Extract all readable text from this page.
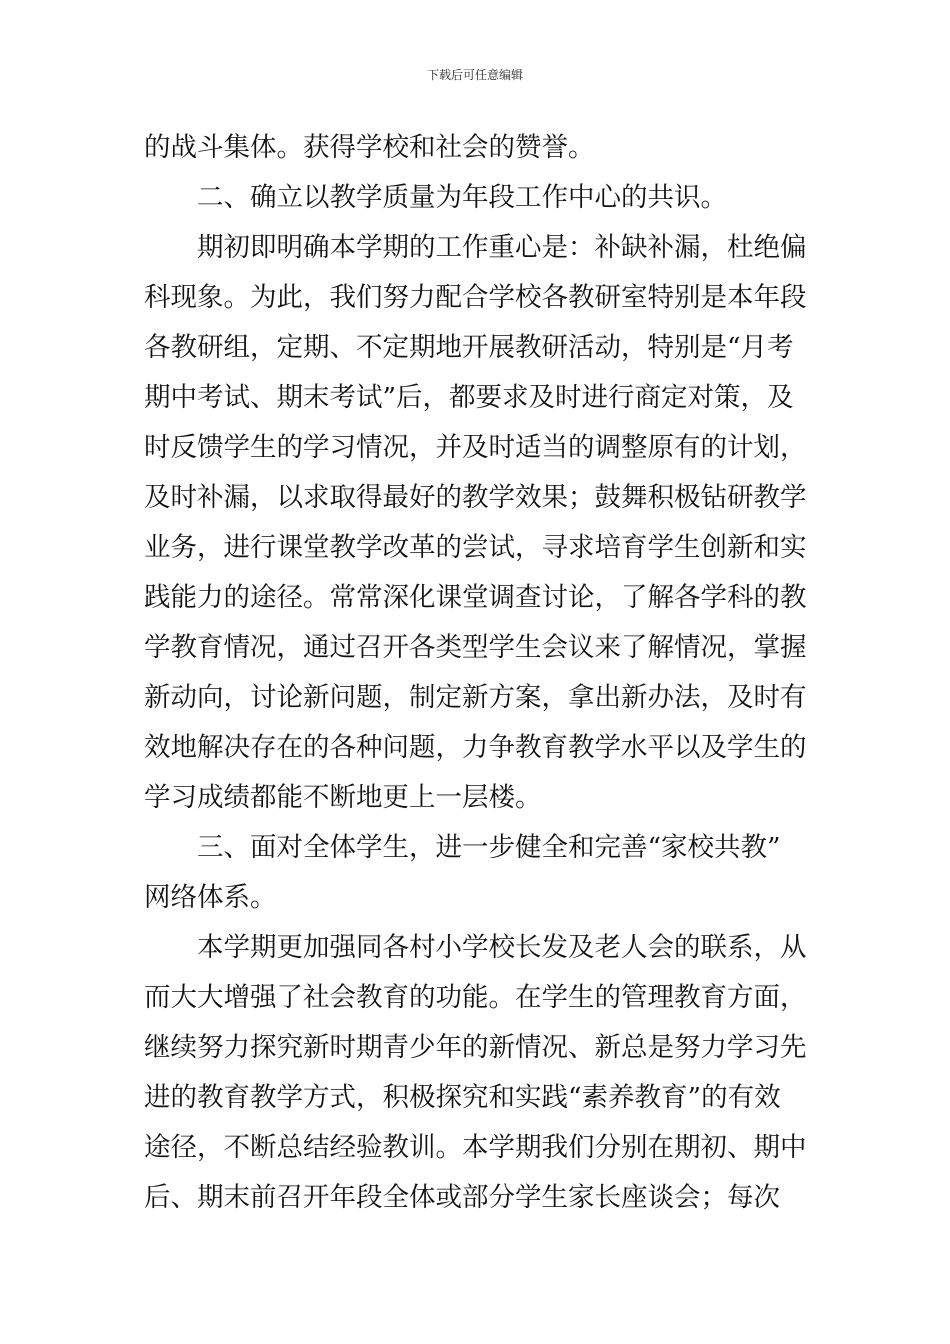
下载后可任意编辑
的战斗集体。获得学校和社会的赞誉。
二、确立以教学质量为年段工作中心的共识。
期初即明确本学期的工作重心是：补缺补漏，杜绝偏
科现象。为此，我们努力配合学校各教研室特别是本年段
各教研组，定期、不定期地开展教研活动，特别是“月考
期中考试、期末考试”后，都要求及时进行商定对策，及
时反馈学生的学习情况，并及时适当的调整原有的计划，
及时补漏，以求取得最好的教学效果；鼓舞积极钻研教学
业务，进行课堂教学改革的尝试，寻求培育学生创新和实
践能力的途径。常常深化课堂调查讨论，了解各学科的教
学教育情况，通过召开各类型学生会议来了解情况，掌握
新动向，讨论新问题，制定新方案，拿出新办法，及时有
效地解决存在的各种问题，力争教育教学水平以及学生的
学习成绩都能不断地更上一层楼。
三、面对全体学生，进一步健全和完善“家校共教”
网络体系。
本学期更加强同各村小学校长发及老人会的联系，从
而大大增强了社会教育的功能。在学生的管理教育方面，
继续努力探究新时期青少年的新情况、新总是努力学习先
进的教育教学方式，积极探究和实践“素养教育”的有效
途径，不断总结经验教训。本学期我们分别在期初、期中
后、期末前召开年段全体或部分学生家长座谈会；每次
